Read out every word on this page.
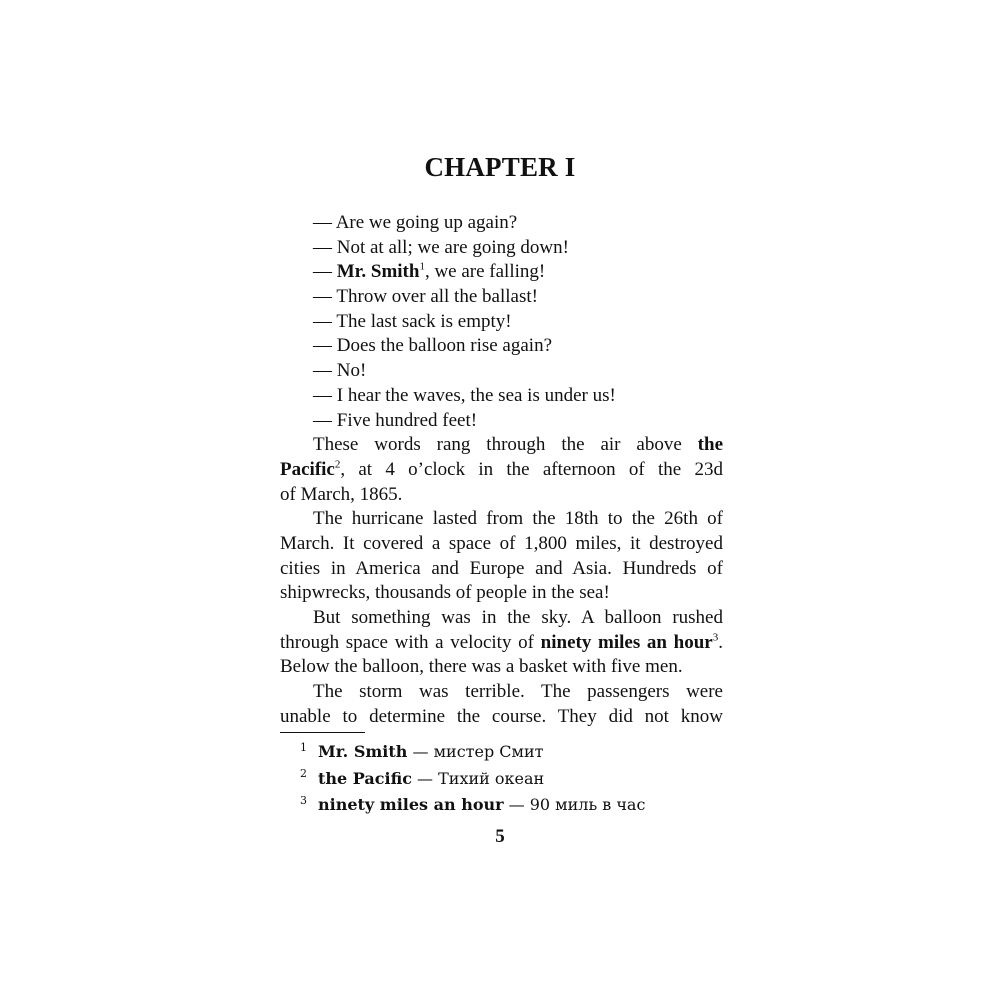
CHAPTER I
— Are we going up again?
— Not at all; we are going down!
— Mr. Smith$^1$, we are falling!
— Throw over all the ballast!
— The last sack is empty!
— Does the balloon rise again?
— No!
— I hear the waves, the sea is under us!
— Five hundred feet!
These words rang through the air above the
Pacific$^2$, at 4 o’clock in the afternoon of the 23d
of March, 1865.
The hurricane lasted from the 18th to the 26th of
March. It covered a space of 1,800 miles, it destroyed
cities in America and Europe and Asia. Hundreds of
shipwrecks, thousands of people in the sea!
But something was in the sky. A balloon rushed
through space with a velocity of ninety miles an hour$^3$.
Below the balloon, there was a basket with five men.
The storm was terrible. The passengers were
unable to determine the course. They did not know
1 Mr. Smith — мистер Смит
2 the Pacific — Тихий океан
3 ninety miles an hour — 90 миль в час
5
